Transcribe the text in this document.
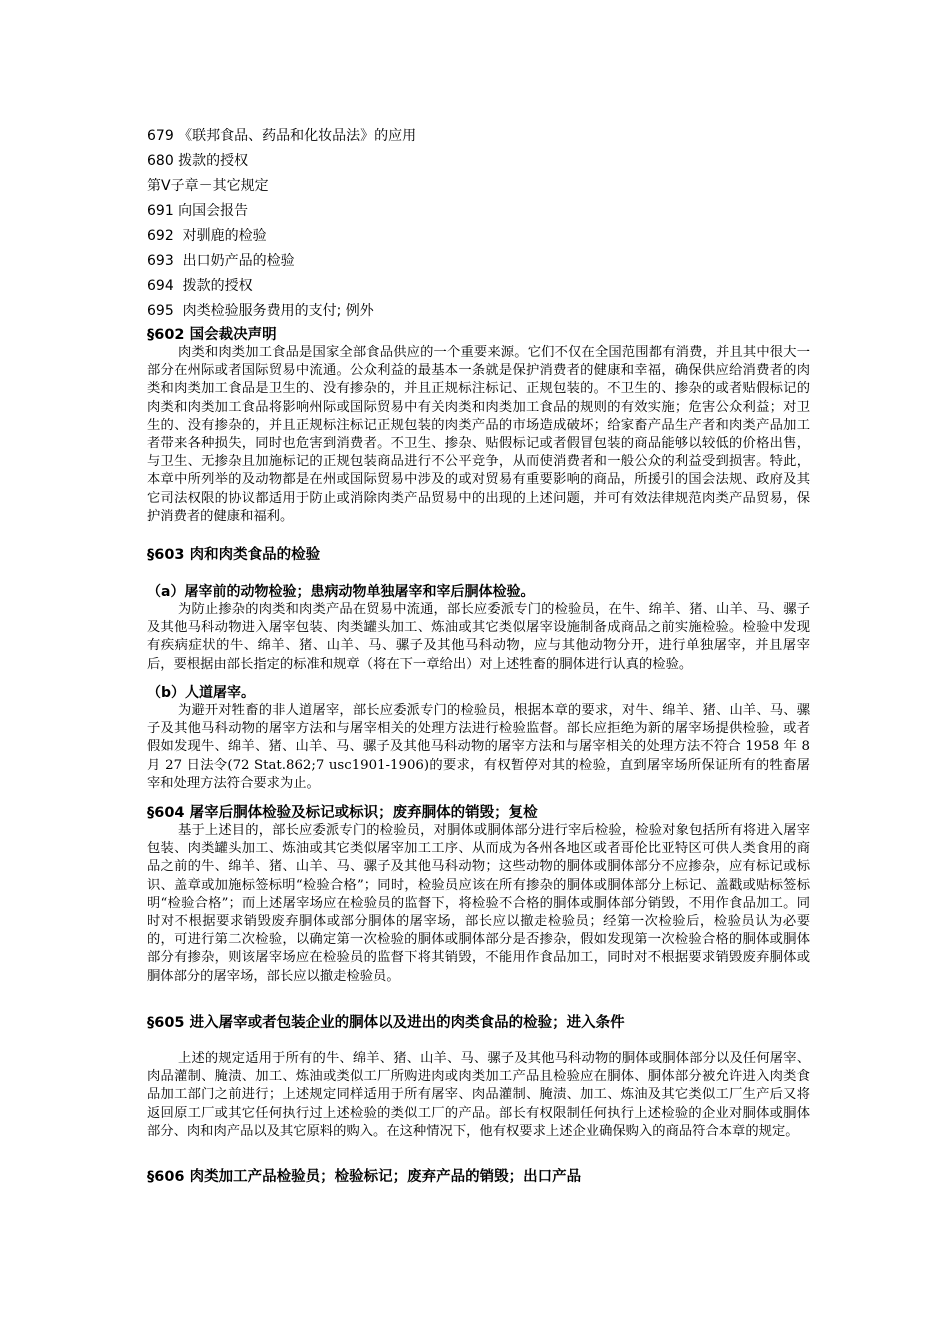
679 《联邦食品、药品和化妆品法》的应用
680 拨款的授权
第Ⅴ子章－其它规定
691 向国会报告
692  对驯鹿的检验
693  出口奶产品的检验
694  拨款的授权
695  肉类检验服务费用的支付; 例外
§602 国会裁决声明

肉类和肉类加工食品是国家全部食品供应的一个重要来源。它们不仅在全国范围都有消费，并且其中很大一部分在州际或者国际贸易中流通。公众利益的最基本一条就是保护消费者的健康和幸福，确保供应给消费者的肉类和肉类加工食品是卫生的、没有掺杂的，并且正规标注标记、正规包装的。不卫生的、掺杂的或者贴假标记的肉类和肉类加工食品将影响州际或国际贸易中有关肉类和肉类加工食品的规则的有效实施；危害公众利益；对卫生的、没有掺杂的，并且正规标注标记正规包装的肉类产品的市场造成破坏；给家畜产品生产者和肉类产品加工者带来各种损失，同时也危害到消费者。不卫生、掺杂、贴假标记或者假冒包装的商品能够以较低的价格出售，与卫生、无掺杂且加施标记的正规包装商品进行不公平竞争，从而使消费者和一般公众的利益受到损害。特此，本章中所列举的及动物都是在州或国际贸易中涉及的或对贸易有重要影响的商品，所援引的国会法规、政府及其它司法权限的协议都适用于防止或消除肉类产品贸易中的出现的上述问题，并可有效法律规范肉类产品贸易，保护消费者的健康和福利。

§603 肉和肉类食品的检验
（a）屠宰前的动物检验；患病动物单独屠宰和宰后胴体检验。

为防止掺杂的肉类和肉类产品在贸易中流通，部长应委派专门的检验员，在牛、绵羊、猪、山羊、马、骡子及其他马科动物进入屠宰包装、肉类罐头加工、炼油或其它类似屠宰设施制备成商品之前实施检验。检验中发现有疾病症状的牛、绵羊、猪、山羊、马、骡子及其他马科动物，应与其他动物分开，进行单独屠宰，并且屠宰后，要根据由部长指定的标准和规章（将在下一章给出）对上述牲畜的胴体进行认真的检验。

（b）人道屠宰。

为避开对牲畜的非人道屠宰，部长应委派专门的检验员，根据本章的要求，对牛、绵羊、猪、山羊、马、骡子及其他马科动物的屠宰方法和与屠宰相关的处理方法进行检验监督。部长应拒绝为新的屠宰场提供检验，或者假如发现牛、绵羊、猪、山羊、马、骡子及其他马科动物的屠宰方法和与屠宰相关的处理方法不符合 1958 年 8 月 27 日法令(72 Stat.862;7 usc1901-1906)的要求，有权暂停对其的检验，直到屠宰场所保证所有的牲畜屠宰和处理方法符合要求为止。

§604 屠宰后胴体检验及标记或标识；废弃胴体的销毁；复检

基于上述目的，部长应委派专门的检验员，对胴体或胴体部分进行宰后检验，检验对象包括所有将进入屠宰包装、肉类罐头加工、炼油或其它类似屠宰加工工序、从而成为各州各地区或者哥伦比亚特区可供人类食用的商品之前的牛、绵羊、猪、山羊、马、骡子及其他马科动物；这些动物的胴体或胴体部分不应掺杂，应有标记或标识、盖章或加施标签标明“检验合格”；同时，检验员应该在所有掺杂的胴体或胴体部分上标记、盖戳或贴标签标明“检验合格”；而上述屠宰场应在检验员的监督下，将检验不合格的胴体或胴体部分销毁，不用作食品加工。同时对不根据要求销毁废弃胴体或部分胴体的屠宰场，部长应以撤走检验员；经第一次检验后，检验员认为必要的，可进行第二次检验，以确定第一次检验的胴体或胴体部分是否掺杂，假如发现第一次检验合格的胴体或胴体部分有掺杂，则该屠宰场应在检验员的监督下将其销毁，不能用作食品加工，同时对不根据要求销毁废弃胴体或胴体部分的屠宰场，部长应以撤走检验员。

§605 进入屠宰或者包装企业的胴体以及进出的肉类食品的检验；进入条件

上述的规定适用于所有的牛、绵羊、猪、山羊、马、骡子及其他马科动物的胴体或胴体部分以及任何屠宰、肉品灌制、腌渍、加工、炼油或类似工厂所购进肉或肉类加工产品且检验应在胴体、胴体部分被允许进入肉类食品加工部门之前进行；上述规定同样适用于所有屠宰、肉品灌制、腌渍、加工、炼油及其它类似工厂生产后又将返回原工厂或其它任何执行过上述检验的类似工厂的产品。部长有权限制任何执行上述检验的企业对胴体或胴体部分、肉和肉产品以及其它原料的购入。在这种情况下，他有权要求上述企业确保购入的商品符合本章的规定。

§606 肉类加工产品检验员；检验标记；废弃产品的销毁；出口产品
